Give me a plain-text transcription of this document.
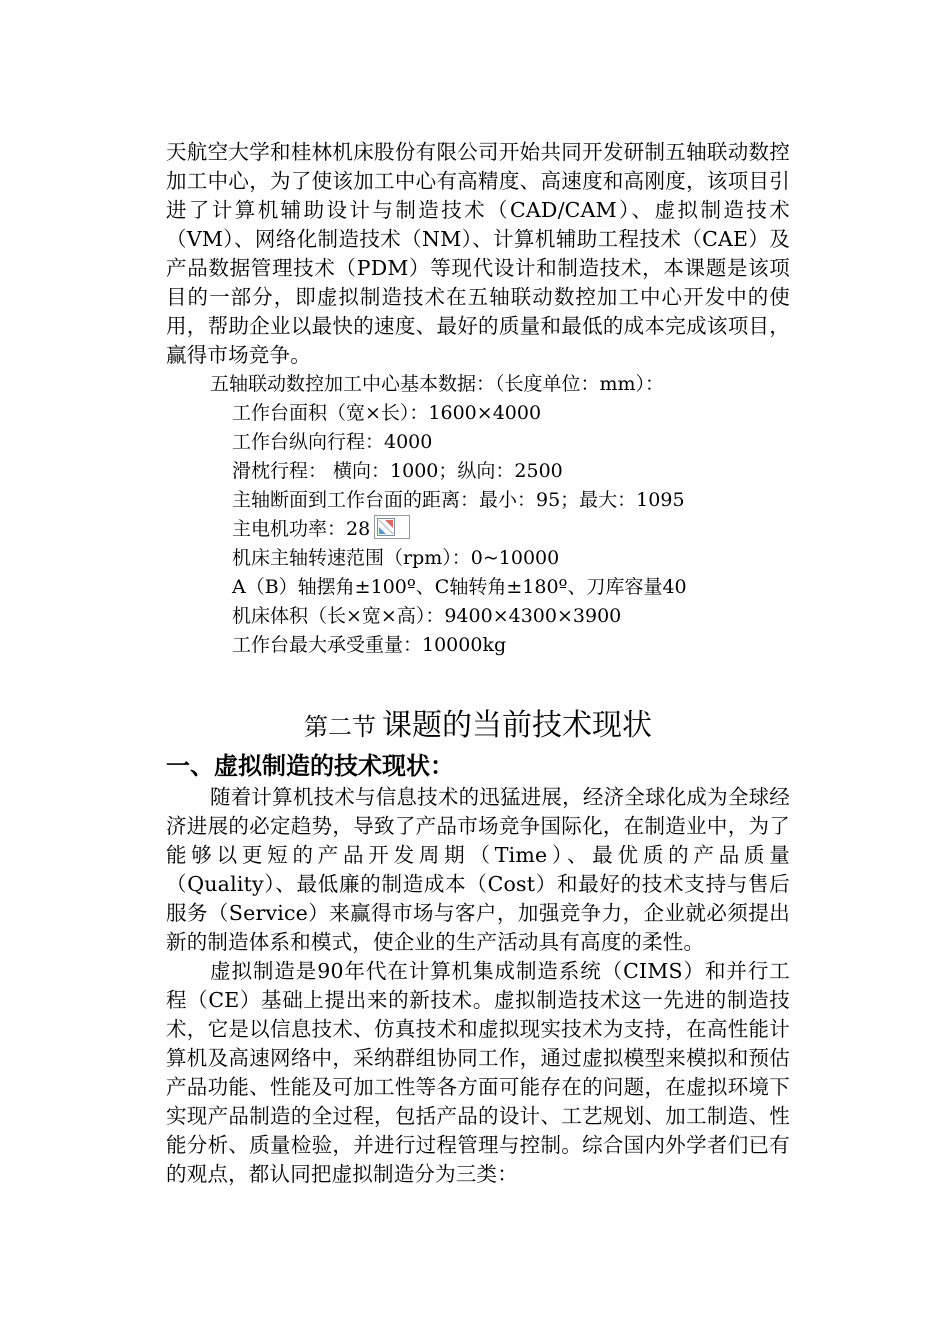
天航空大学和桂林机床股份有限公司开始共同开发研制五轴联动数控加工中心，为了使该加工中心有高精度、高速度和高刚度，该项目引进了计算机辅助设计与制造技术（CAD/CAM）、虚拟制造技术（VM）、网络化制造技术（NM）、计算机辅助工程技术（CAE）及产品数据管理技术（PDM）等现代设计和制造技术，本课题是该项目的一部分，即虚拟制造技术在五轴联动数控加工中心开发中的使用，帮助企业以最快的速度、最好的质量和最低的成本完成该项目，赢得市场竞争。

五轴联动数控加工中心基本数据：（长度单位：mm）：

工作台面积（宽×长）：1600×4000
工作台纵向行程：4000
滑枕行程： 横向：1000；纵向：2500
主轴断面到工作台面的距离：最小：95；最大：1095
主电机功率：28
机床主轴转速范围（rpm）：0~10000
A（B）轴摆角±100º、C轴转角±180º、刀库容量40
机床体积（长×宽×高）：9400×4300×3900
工作台最大承受重量：10000kg
第二节 课题的当前技术现状
一、虚拟制造的技术现状：

随着计算机技术与信息技术的迅猛进展，经济全球化成为全球经济进展的必定趋势，导致了产品市场竞争国际化，在制造业中，为了能够以更短的产品开发周期（Time）、最优质的产品质量（Quality）、最低廉的制造成本（Cost）和最好的技术支持与售后服务（Service）来赢得市场与客户，加强竞争力，企业就必须提出新的制造体系和模式，使企业的生产活动具有高度的柔性。

虚拟制造是90年代在计算机集成制造系统（CIMS）和并行工程（CE）基础上提出来的新技术。虚拟制造技术这一先进的制造技术，它是以信息技术、仿真技术和虚拟现实技术为支持，在高性能计算机及高速网络中，采纳群组协同工作，通过虚拟模型来模拟和预估产品功能、性能及可加工性等各方面可能存在的问题，在虚拟环境下实现产品制造的全过程，包括产品的设计、工艺规划、加工制造、性能分析、质量检验，并进行过程管理与控制。综合国内外学者们已有的观点，都认同把虚拟制造分为三类：
